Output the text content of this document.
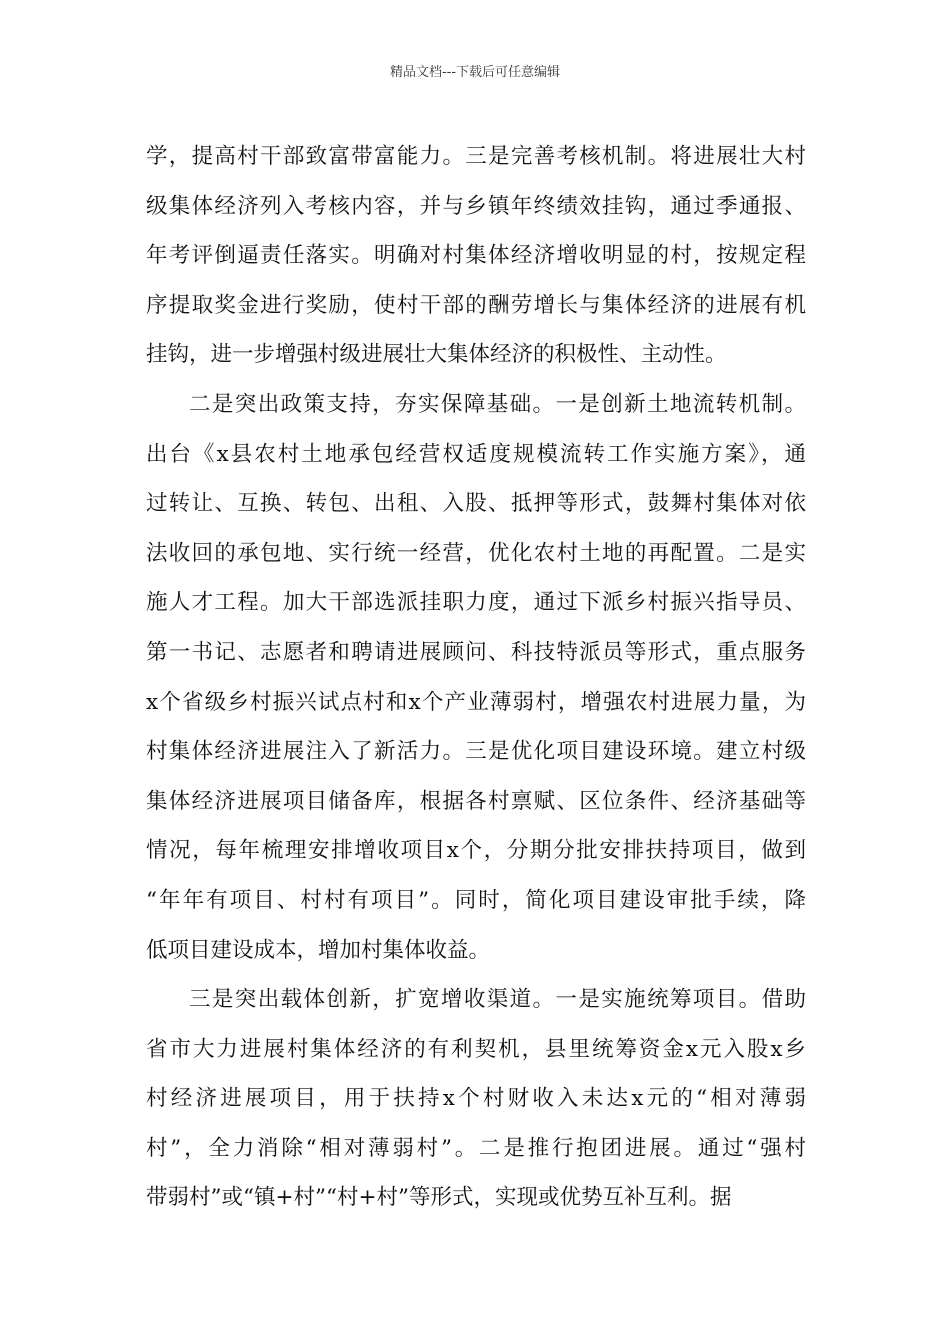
精品文档---下载后可任意编辑
学，提高村干部致富带富能力。三是完善考核机制。将进展壮大村
级集体经济列入考核内容，并与乡镇年终绩效挂钩，通过季通报、
年考评倒逼责任落实。明确对村集体经济增收明显的村，按规定程
序提取奖金进行奖励，使村干部的酬劳增长与集体经济的进展有机
挂钩，进一步增强村级进展壮大集体经济的积极性、主动性。
二是突出政策支持，夯实保障基础。一是创新土地流转机制。
出台《x县农村土地承包经营权适度规模流转工作实施方案》，通
过转让、互换、转包、出租、入股、抵押等形式，鼓舞村集体对依
法收回的承包地、实行统一经营，优化农村土地的再配置。二是实
施人才工程。加大干部选派挂职力度，通过下派乡村振兴指导员、
第一书记、志愿者和聘请进展顾问、科技特派员等形式，重点服务
x个省级乡村振兴试点村和x个产业薄弱村，增强农村进展力量，为
村集体经济进展注入了新活力。三是优化项目建设环境。建立村级
集体经济进展项目储备库，根据各村禀赋、区位条件、经济基础等
情况，每年梳理安排增收项目x个，分期分批安排扶持项目，做到
“年年有项目、村村有项目”。同时，简化项目建设审批手续，降
低项目建设成本，增加村集体收益。
三是突出载体创新，扩宽增收渠道。一是实施统筹项目。借助
省市大力进展村集体经济的有利契机，县里统筹资金x元入股x乡
村经济进展项目，用于扶持x个村财收入未达x元的“相对薄弱
村”，全力消除“相对薄弱村”。二是推行抱团进展。通过“强村
带弱村”或“镇+村”“村+村”等形式，实现或优势互补互利。据
